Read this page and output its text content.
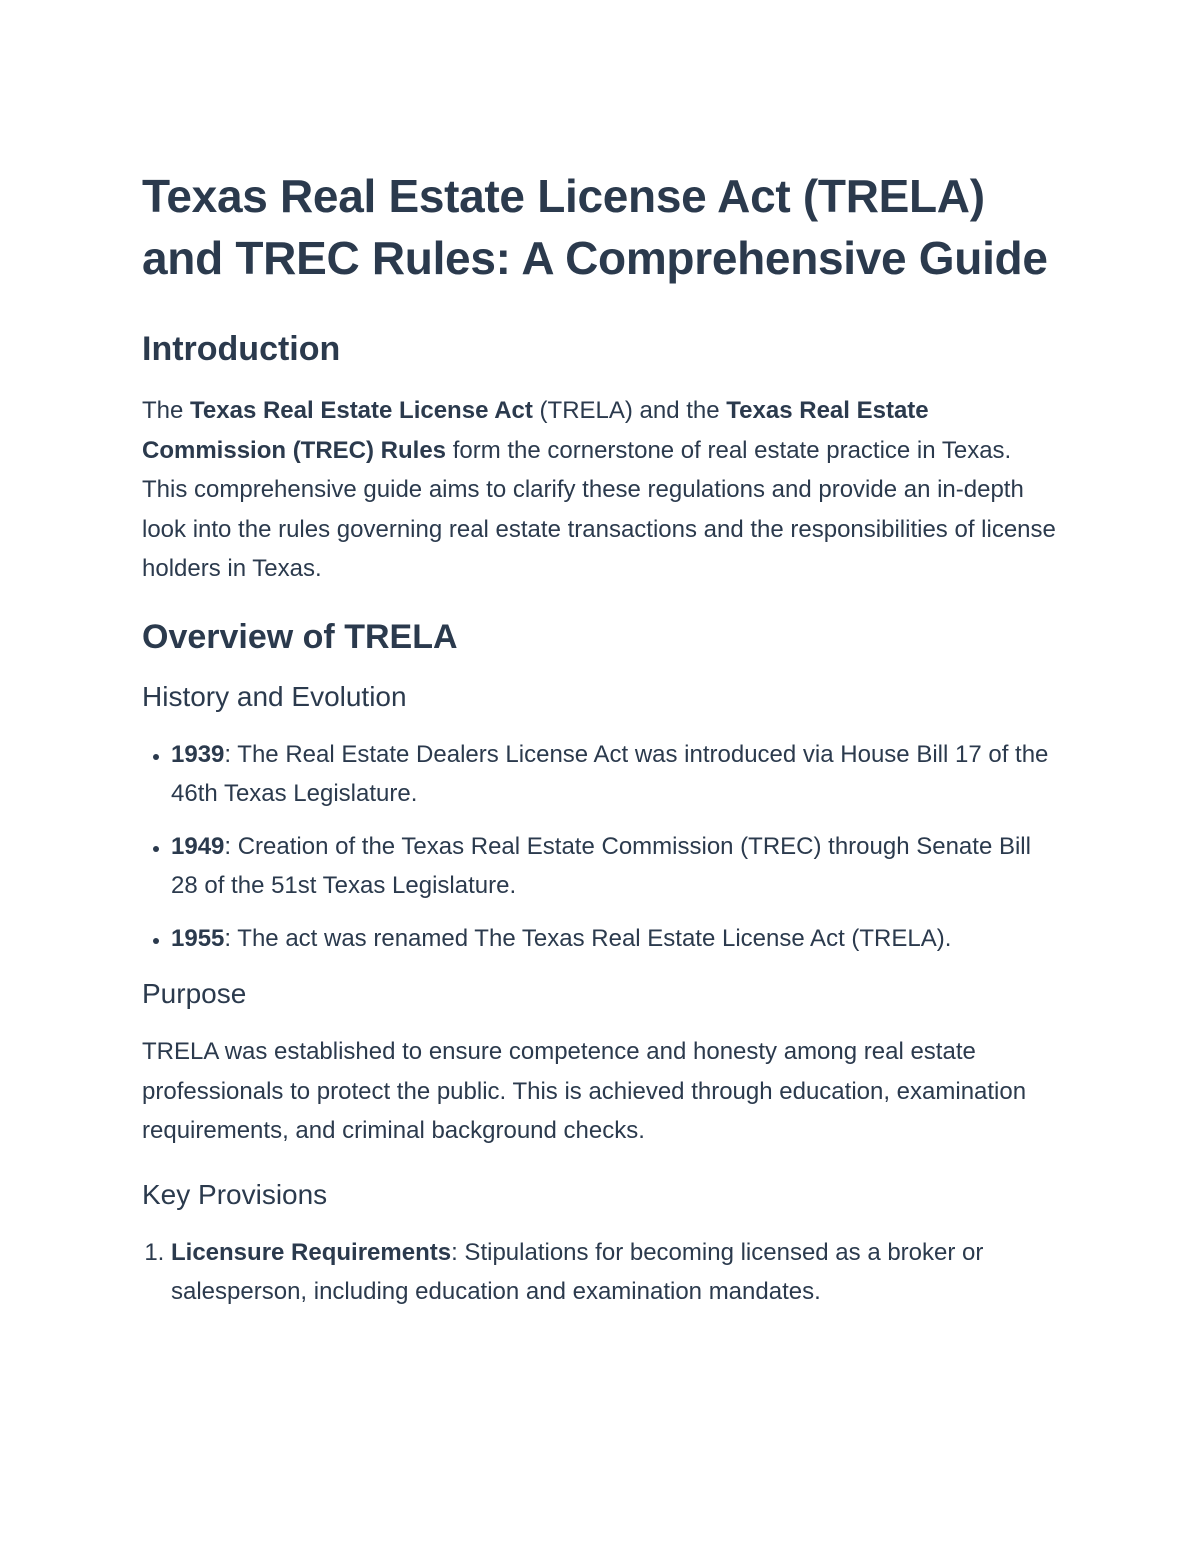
Texas Real Estate License Act (TRELA) and TREC Rules: A Comprehensive Guide
Introduction

The Texas Real Estate License Act (TRELA) and the Texas Real Estate Commission (TREC) Rules form the cornerstone of real estate practice in Texas. This comprehensive guide aims to clarify these regulations and provide an in-depth look into the rules governing real estate transactions and the responsibilities of license holders in Texas.

Overview of TRELA
History and Evolution
• 1939: The Real Estate Dealers License Act was introduced via House Bill 17 of the 46th Texas Legislature.
• 1949: Creation of the Texas Real Estate Commission (TREC) through Senate Bill 28 of the 51st Texas Legislature.
• 1955: The act was renamed The Texas Real Estate License Act (TRELA).
Purpose

TRELA was established to ensure competence and honesty among real estate professionals to protect the public. This is achieved through education, examination requirements, and criminal background checks.

Key Provisions
1. Licensure Requirements: Stipulations for becoming licensed as a broker or salesperson, including education and examination mandates.
